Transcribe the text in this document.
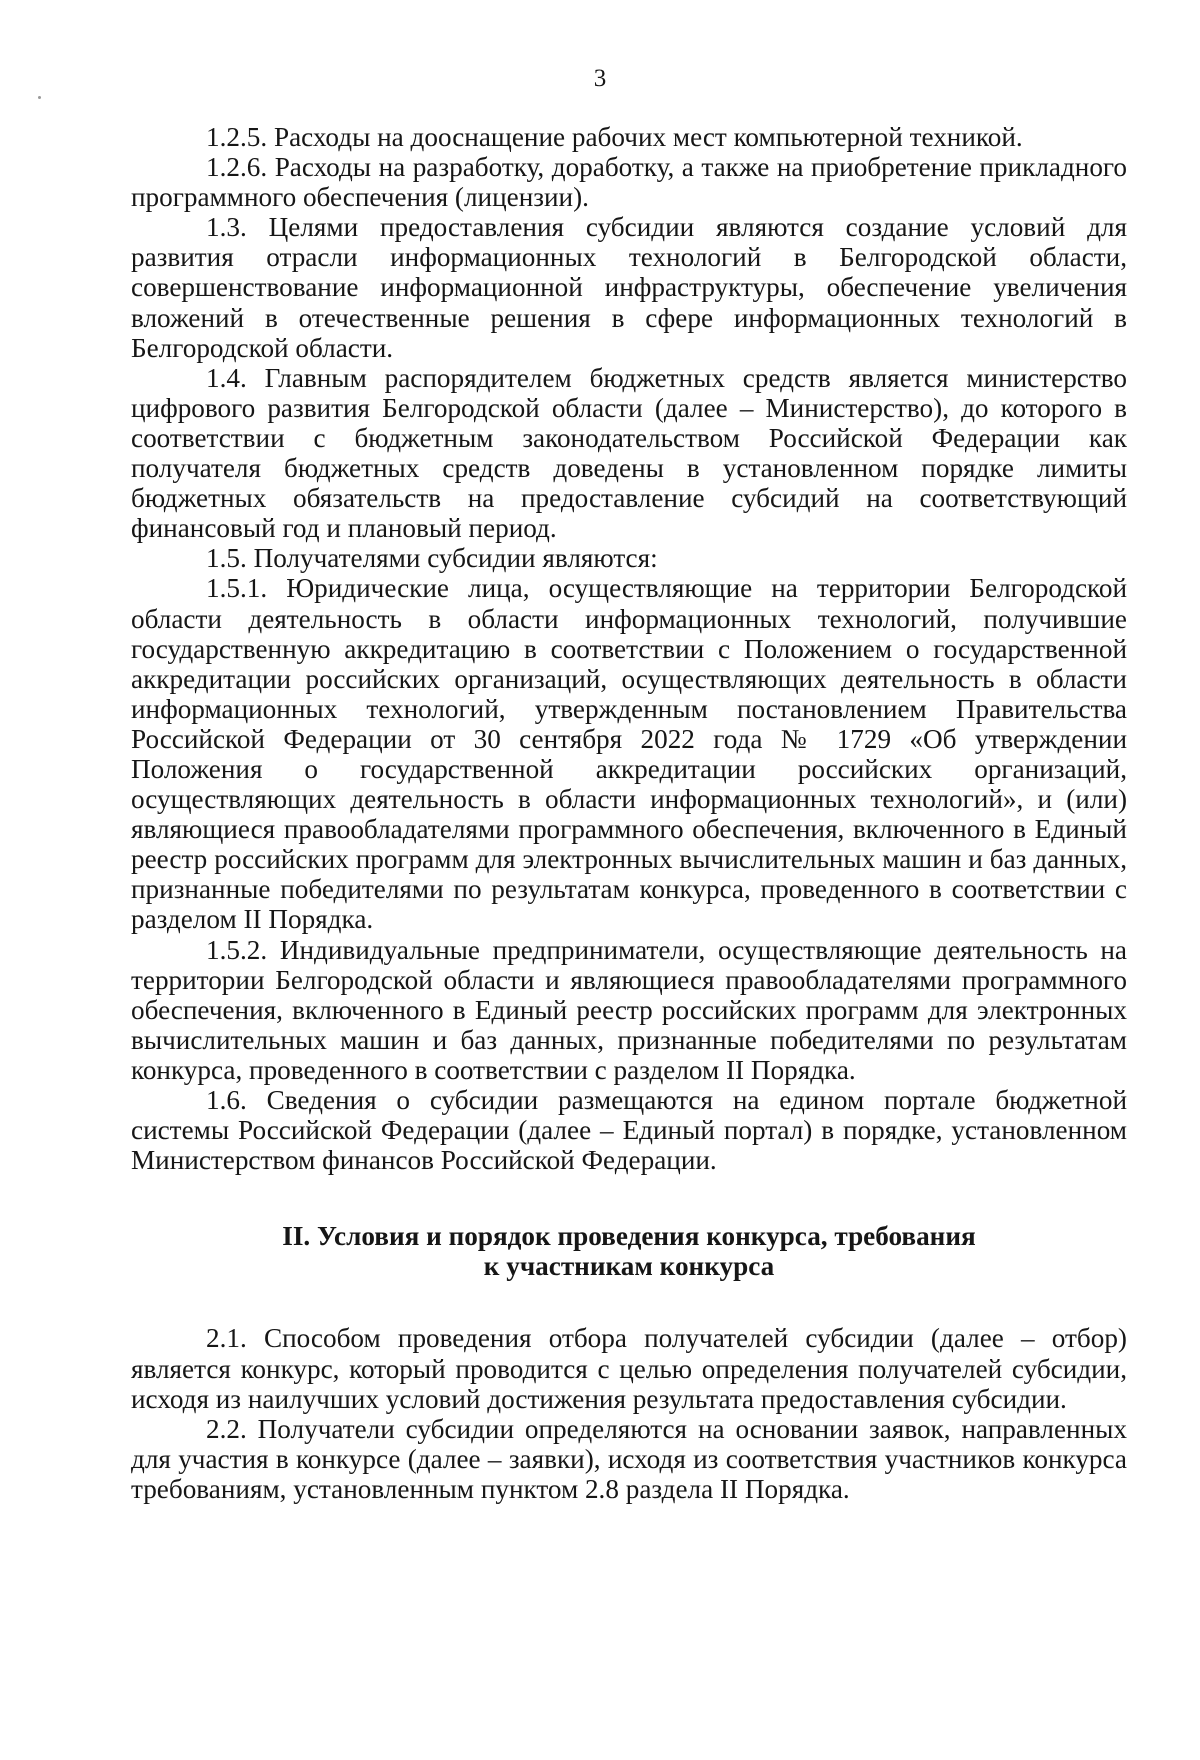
3

1.2.5. Расходы на дооснащение рабочих мест компьютерной техникой.

1.2.6. Расходы на разработку, доработку, а также на приобретение прикладного программного обеспечения (лицензии).

1.3. Целями предоставления субсидии являются создание условий для развития отрасли информационных технологий в Белгородской области, совершенствование информационной инфраструктуры, обеспечение увеличения вложений в отечественные решения в сфере информационных технологий в Белгородской области.

1.4. Главным распорядителем бюджетных средств является министерство цифрового развития Белгородской области (далее – Министерство), до которого в соответствии с бюджетным законодательством Российской Федерации как получателя бюджетных средств доведены в установленном порядке лимиты бюджетных обязательств на предоставление субсидий на соответствующий финансовый год и плановый период.

1.5. Получателями субсидии являются:

1.5.1. Юридические лица, осуществляющие на территории Белгородской области деятельность в области информационных технологий, получившие государственную аккредитацию в соответствии с Положением о государственной аккредитации российских организаций, осуществляющих деятельность в области информационных технологий, утвержденным постановлением Правительства Российской Федерации от 30 сентября 2022 года № 1729 «Об утверждении Положения о государственной аккредитации российских организаций, осуществляющих деятельность в области информационных технологий», и (или) являющиеся правообладателями программного обеспечения, включенного в Единый реестр российских программ для электронных вычислительных машин и баз данных, признанные победителями по результатам конкурса, проведенного в соответствии с разделом II Порядка.

1.5.2. Индивидуальные предприниматели, осуществляющие деятельность на территории Белгородской области и являющиеся правообладателями программного обеспечения, включенного в Единый реестр российских программ для электронных вычислительных машин и баз данных, признанные победителями по результатам конкурса, проведенного в соответствии с разделом II Порядка.

1.6. Сведения о субсидии размещаются на едином портале бюджетной системы Российской Федерации (далее – Единый портал) в порядке, установленном Министерством финансов Российской Федерации.

II. Условия и порядок проведения конкурса, требования
к участникам конкурса

2.1. Способом проведения отбора получателей субсидии (далее – отбор) является конкурс, который проводится с целью определения получателей субсидии, исходя из наилучших условий достижения результата предоставления субсидии.

2.2. Получатели субсидии определяются на основании заявок, направленных для участия в конкурсе (далее – заявки), исходя из соответствия участников конкурса требованиям, установленным пунктом 2.8 раздела II Порядка.
